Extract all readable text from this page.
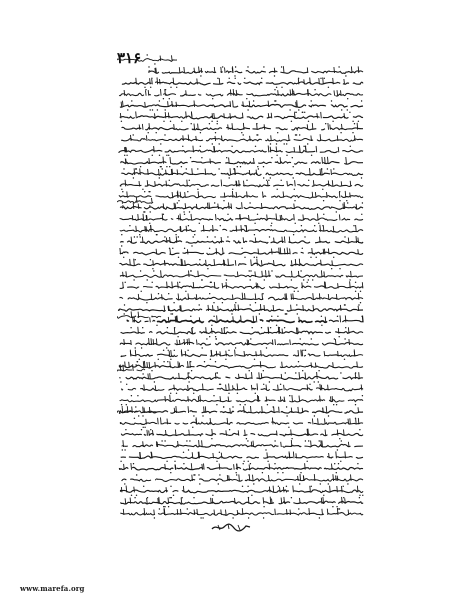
۳۱۶
www.marefa.org
